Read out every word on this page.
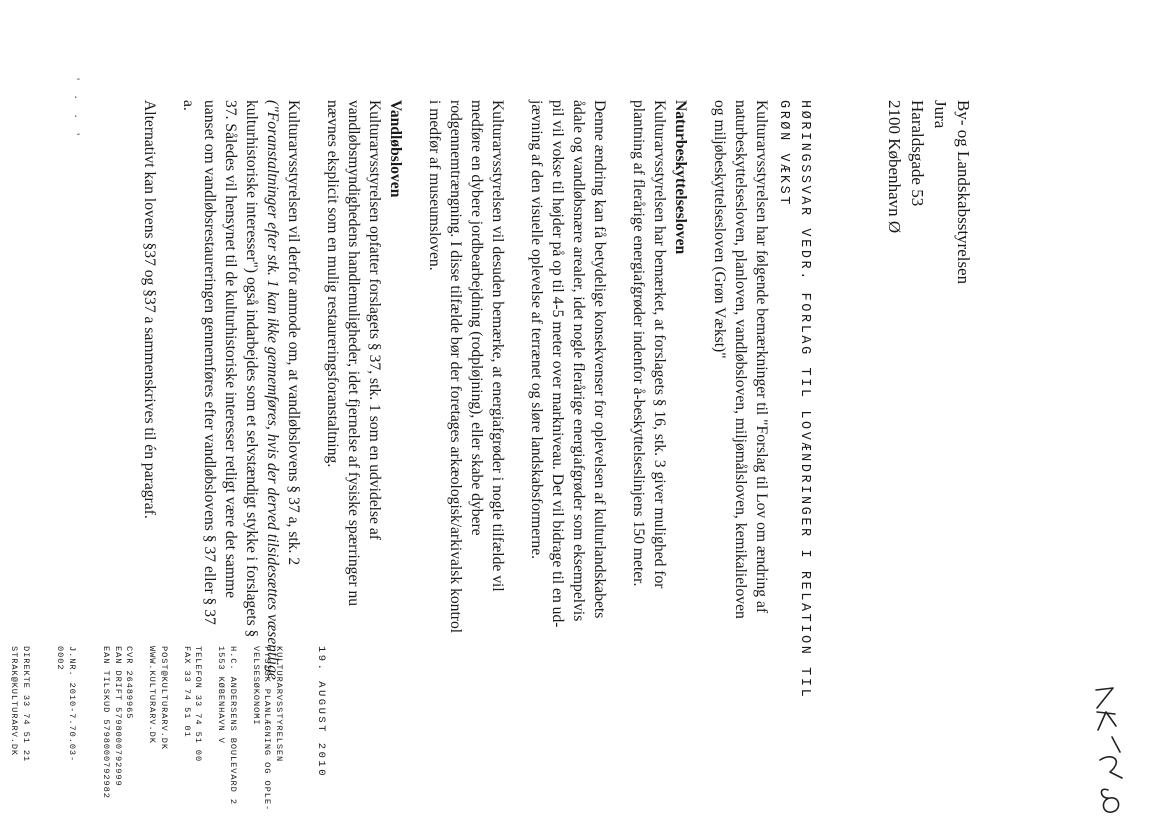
By- og Landskabsstyrelsen
Jura
Haraldsgade 53
2100 København Ø
HØRINGSSVAR VEDR. FORLAG TIL LOVÆNDRINGER I RELATION TIL
GRØN VÆKST
Kulturarvsstyrelsen har følgende bemærkninger til "Forslag til Lov om ændring af
naturbeskyttelsesloven, planloven, vandløbsloven, miljømålsloven, kemikalieloven
og miljøbeskyttelsesloven (Grøn Vækst)"
Naturbeskyttelsesloven
Kulturarvsstyrelsen har bemærket, at forslagets § 16, stk. 3 giver mulighed for
plantning af flerårige energiafgrøder indenfor å-beskyttelseslinjens 150 meter.
Denne ændring kan få betydelige konsekvenser for oplevelsen af kulturlandskabets
ådale og vandløbsnære arealer, idet nogle flerårige energiafgrøder som eksempelvis
pil vil vokse til højder på op til 4-5 meter over markniveau. Det vil bidrage til en ud-
jævning af den visuelle oplevelse af terrænet og sløre landskabsformerne.
Kulturarvsstyrelsen vil desuden bemærke, at energiafgrøder i nogle tilfælde vil
medføre en dybere jordbearbejdning (rodpløjning), eller skabe dybere
rodgennemtrængning. I disse tilfælde bør der foretages arkæologisk/arkivalsk kontrol
i medfør af museumsloven.
Vandløbsloven
Kulturarvsstyrelsen opfatter forslagets § 37, stk. 1 som en udvidelse af
vandløbsmyndighedens handlemuligheder, idet fjernelse af fysiske spærringer nu
nævnes eksplicit som en mulig restaureringsforanstaltning.
Kulturarvsstyrelsen vil derfor anmode om, at vandløbslovens § 37 a, stk. 2
("Foranstaltninger efter stk. 1 kan ikke gennemføres, hvis der derved tilsidesættes væsentlige
kulturhistoriske interesser") også indarbejdes som et selvstændigt stykke i forslagets §
37. Således vil hensynet til de kulturhistoriske interesser retligt være det samme
uanset om vandløbsrestaureringen gennemføres efter vandløbslovens § 37 eller § 37
a.
Alternativt kan lovens §37 og §37 a sammenskrives til én paragraf.
19. AUGUST 2010
KULTURARVSSTYRELSEN
FYSISK PLANLÆGNING OG OPLE-
VELSESØKONOMI
H.C. ANDERSENS BOULEVARD 2
1553 KØBENHAVN V
TELEFON 33 74 51 00
FAX 33 74 51 01
POST@KULTURARV.DK
WWW.KULTURARV.DK
CVR 26489965
EAN DRIFT 5798000792999
EAN TILSKUD 5798000792982
J.NR. 2010-7.70.03-
0002
DIREKTE 33 74 51 21
STRAK@KULTURARV.DK
' · · '
